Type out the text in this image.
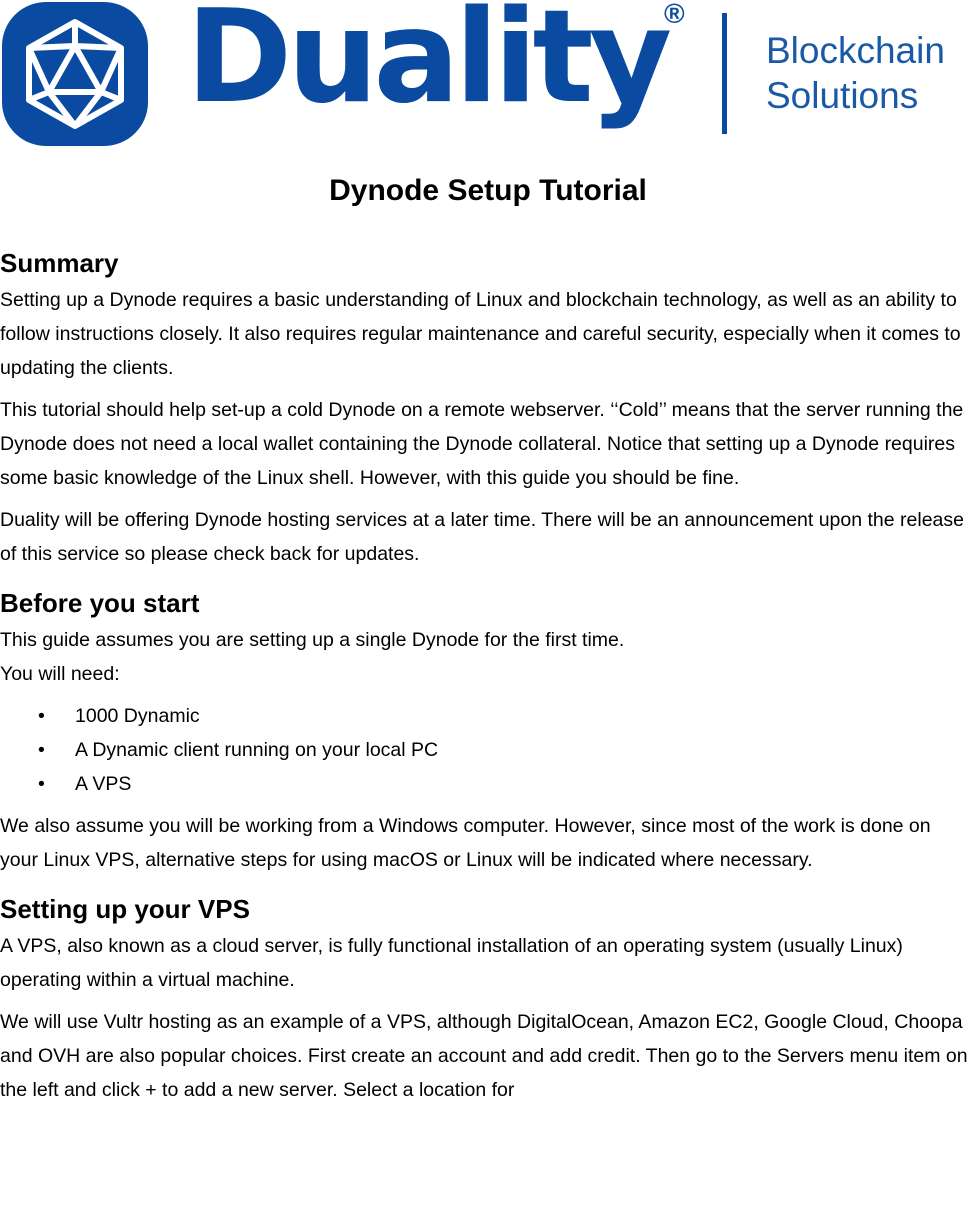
Duality
®
Blockchain
Solutions
Dynode Setup Tutorial
Summary

Setting up a Dynode requires a basic understanding of Linux and blockchain technology, as well as an ability to follow instructions closely. It also requires regular maintenance and careful security, especially when it comes to updating the clients.

This tutorial should help set-up a cold Dynode on a remote webserver. ‘‘Cold’’ means that the server running the Dynode does not need a local wallet containing the Dynode collateral. Notice that setting up a Dynode requires some basic knowledge of the Linux shell. However, with this guide you should be fine.

Duality will be offering Dynode hosting services at a later time. There will be an announcement upon the release of this service so please check back for updates.

Before you start

This guide assumes you are setting up a single Dynode for the first time.

You will need:

• 1000 Dynamic
• A Dynamic client running on your local PC
• A VPS

We also assume you will be working from a Windows computer. However, since most of the work is done on your Linux VPS, alternative steps for using macOS or Linux will be indicated where necessary.

Setting up your VPS

A VPS, also known as a cloud server, is fully functional installation of an operating system (usually Linux) operating within a virtual machine.

We will use Vultr hosting as an example of a VPS, although DigitalOcean, Amazon EC2, Google Cloud, Choopa and OVH are also popular choices. First create an account and add credit. Then go to the Servers menu item on the left and click + to add a new server. Select a location for
